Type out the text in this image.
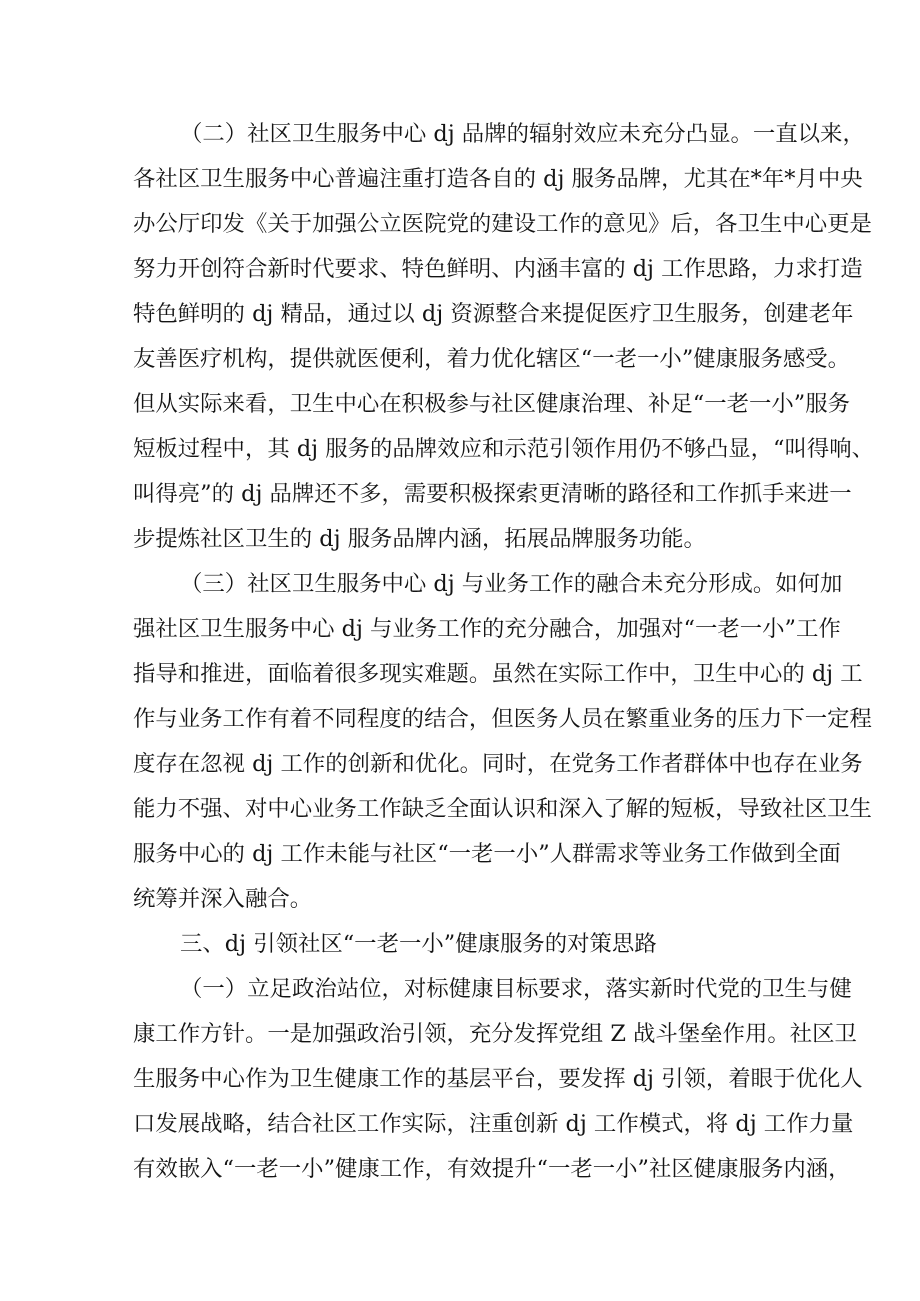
（二）社区卫生服务中心 dj 品牌的辐射效应未充分凸显。一直以来，
各社区卫生服务中心普遍注重打造各自的 dj 服务品牌，尤其在*年*月中央
办公厅印发《关于加强公立医院党的建设工作的意见》后，各卫生中心更是
努力开创符合新时代要求、特色鲜明、内涵丰富的 dj 工作思路，力求打造
特色鲜明的 dj 精品，通过以 dj 资源整合来提促医疗卫生服务，创建老年
友善医疗机构，提供就医便利，着力优化辖区“一老一小”健康服务感受。
但从实际来看，卫生中心在积极参与社区健康治理、补足“一老一小”服务
短板过程中，其 dj 服务的品牌效应和示范引领作用仍不够凸显，“叫得响、
叫得亮”的 dj 品牌还不多，需要积极探索更清晰的路径和工作抓手来进一
步提炼社区卫生的 dj 服务品牌内涵，拓展品牌服务功能。
（三）社区卫生服务中心 dj 与业务工作的融合未充分形成。如何加
强社区卫生服务中心 dj 与业务工作的充分融合，加强对“一老一小”工作
指导和推进，面临着很多现实难题。虽然在实际工作中，卫生中心的 dj 工
作与业务工作有着不同程度的结合，但医务人员在繁重业务的压力下一定程
度存在忽视 dj 工作的创新和优化。同时，在党务工作者群体中也存在业务
能力不强、对中心业务工作缺乏全面认识和深入了解的短板，导致社区卫生
服务中心的 dj 工作未能与社区“一老一小”人群需求等业务工作做到全面
统筹并深入融合。
三、dj 引领社区“一老一小”健康服务的对策思路
（一）立足政治站位，对标健康目标要求，落实新时代党的卫生与健
康工作方针。一是加强政治引领，充分发挥党组 Z 战斗堡垒作用。社区卫
生服务中心作为卫生健康工作的基层平台，要发挥 dj 引领，着眼于优化人
口发展战略，结合社区工作实际，注重创新 dj 工作模式，将 dj 工作力量
有效嵌入“一老一小”健康工作，有效提升“一老一小”社区健康服务内涵，
